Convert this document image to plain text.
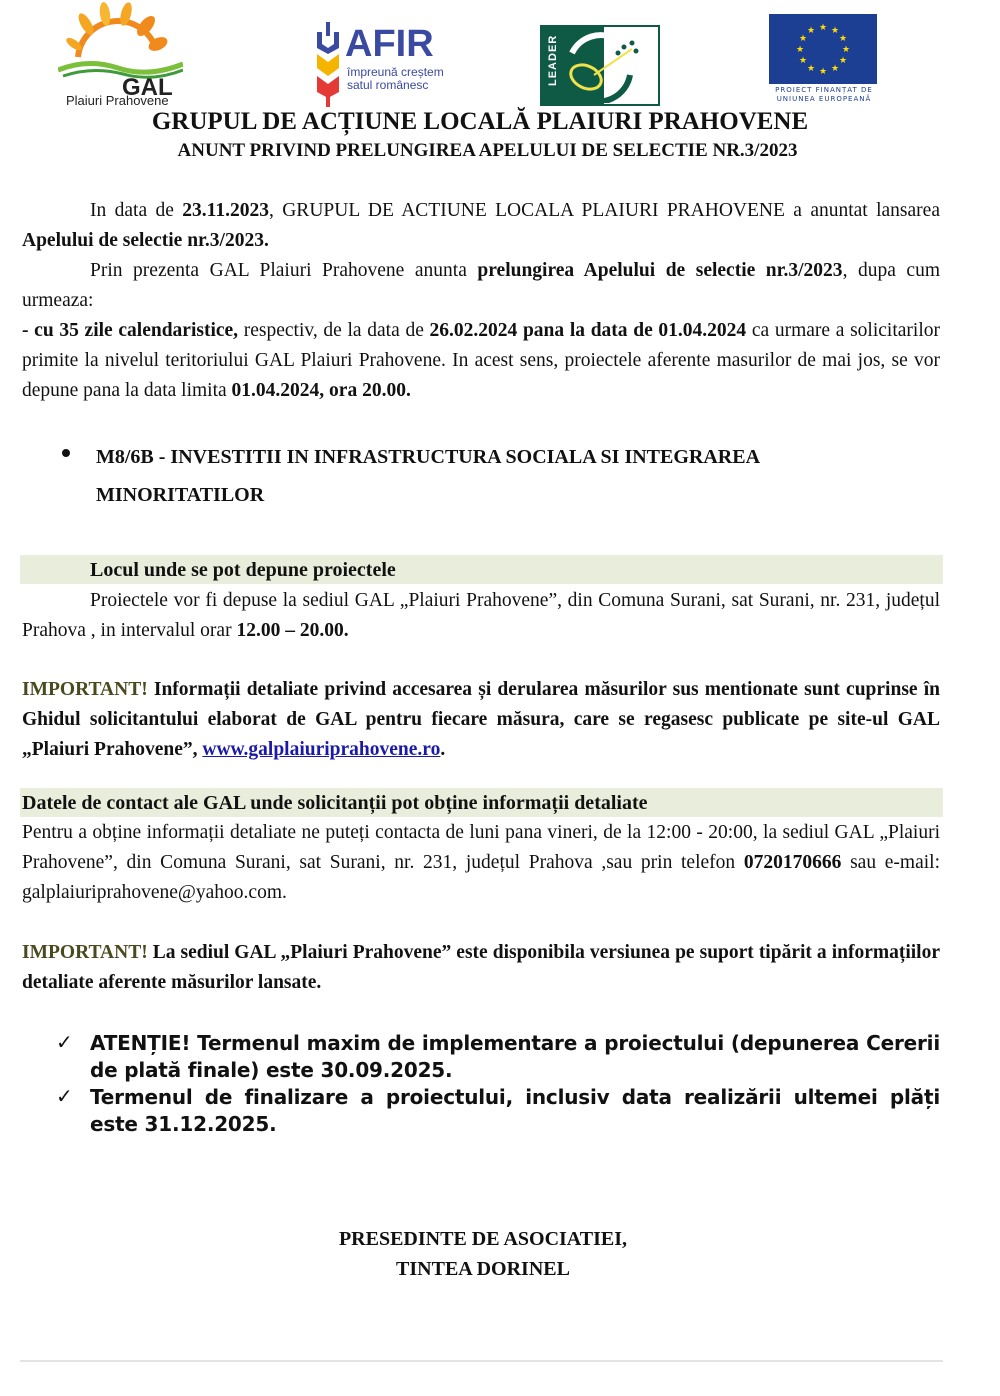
GAL
Plaiuri Prahovene
AFIR
împreună creștem
satul românesc	LEADER
★ ★
★
★
★
★
★
★
★
★
★
★
PROIECT FINANȚAT DE
UNIUNEA EUROPEANĂ
GRUPUL DE ACȚIUNE LOCALĂ PLAIURI PRAHOVENE
ANUNT PRIVIND PRELUNGIREA APELULUI DE SELECTIE NR.3/2023
In data de 23.11.2023, GRUPUL DE ACTIUNE LOCALA PLAIURI PRAHOVENE a anuntat lansarea Apelului de selectie nr.3/2023.
Prin prezenta GAL Plaiuri Prahovene anunta prelungirea Apelului de selectie nr.3/2023, dupa cum urmeaza:
- cu 35 zile calendaristice, respectiv, de la data de 26.02.2024 pana la data de 01.04.2024 ca urmare a solicitarilor primite la nivelul teritoriului GAL Plaiuri Prahovene. In acest sens, proiectele aferente masurilor de mai jos, se vor depune pana la data limita 01.04.2024, ora 20.00.
M8/6B - INVESTITII IN INFRASTRUCTURA SOCIALA SI INTEGRAREA
MINORITATILOR
Locul unde se pot depune proiectele
Proiectele vor fi depuse la sediul GAL „Plaiuri Prahovene”, din Comuna Surani, sat Surani, nr. 231, județul Prahova , in intervalul orar 12.00 – 20.00.
IMPORTANT! Informații detaliate privind accesarea și derularea măsurilor sus mentionate sunt cuprinse în Ghidul solicitantului elaborat de GAL pentru fiecare măsura, care se regasesc publicate pe site-ul GAL „Plaiuri Prahovene”, www.galplaiuriprahovene.ro.
Datele de contact ale GAL unde solicitanții pot obține informații detaliate
Pentru a obține informații detaliate ne puteți contacta de luni pana vineri, de la 12:00 - 20:00, la sediul GAL „Plaiuri Prahovene”, din Comuna Surani, sat Surani, nr. 231, județul Prahova ,sau prin telefon 0720170666 sau e-mail: galplaiuriprahovene@yahoo.com.
IMPORTANT! La sediul GAL „Plaiuri Prahovene” este disponibila versiunea pe suport tipărit a informațiilor detaliate aferente măsurilor lansate.
✓ ATENȚIE! Termenul maxim de implementare a proiectului (depunerea Cererii de plată finale) este 30.09.2025.
✓ Termenul de finalizare a proiectului, inclusiv data realizării ultemei plăți este 31.12.2025.
PRESEDINTE DE ASOCIATIEI,
TINTEA DORINEL
